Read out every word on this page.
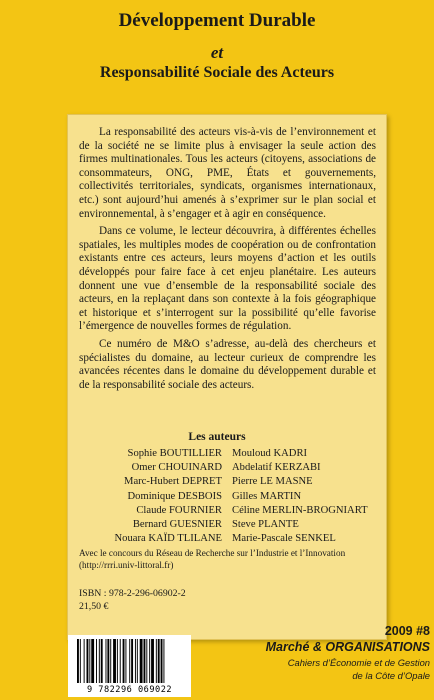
Développement Durable
et
Responsabilité Sociale des Acteurs

La responsabilité des acteurs vis-à-vis de l’environnement et de la société ne se limite plus à envisager la seule action des firmes multinationales. Tous les acteurs (citoyens, associations de consommateurs, ONG, PME, États et gouvernements, collectivités territoriales, syndicats, organismes internationaux, etc.) sont aujourd’hui amenés à s’exprimer sur le plan social et environnemental, à s’engager et à agir en conséquence.

Dans ce volume, le lecteur découvrira, à différentes échelles spatiales, les multiples modes de coopération ou de confrontation existants entre ces acteurs, leurs moyens d’action et les outils développés pour faire face à cet enjeu planétaire. Les auteurs donnent une vue d’ensemble de la responsabilité sociale des acteurs, en la replaçant dans son contexte à la fois géographique et historique et s’interrogent sur la possibilité qu’elle favorise l’émergence de nouvelles formes de régulation.

Ce numéro de M&O s’adresse, au-delà des chercheurs et spécialistes du domaine, au lecteur curieux de comprendre les avancées récentes dans le domaine du développement durable et de la responsabilité sociale des acteurs.

Les auteurs
Sophie BOUTILLIER
Omer CHOUINARD
Marc-Hubert DEPRET
Dominique DESBOIS
Claude FOURNIER
Bernard GUESNIER
Nouara KAÏD TLILANE
Mouloud KADRI
Abdelatif KERZABI
Pierre LE MASNE
Gilles MARTIN
Céline MERLIN-BROGNIART
Steve PLANTE
Marie-Pascale SENKEL
Avec le concours du Réseau de Recherche sur l’Industrie et l’Innovation
(http://rrri.univ-littoral.fr)
ISBN : 978-2-296-06902-2
21,50 €
9 782296 069022
2009 #8
Marché & ORGANISATIONS
Cahiers d’Économie et de Gestion
de la Côte d’Opale
